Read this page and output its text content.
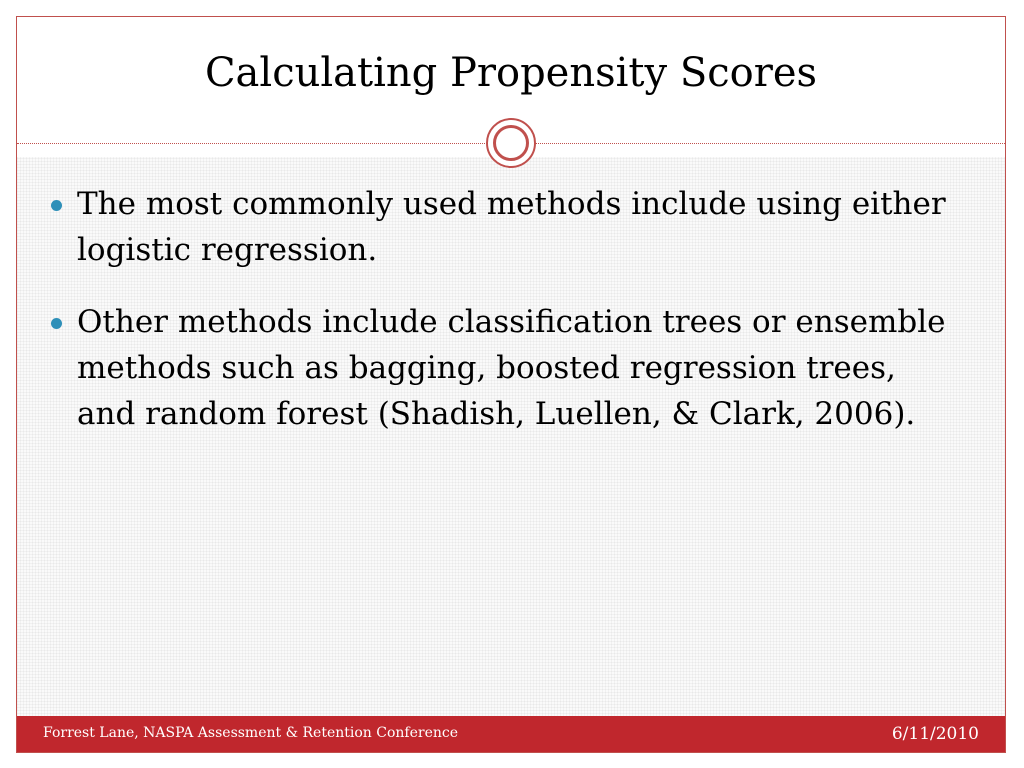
Calculating Propensity Scores
The most commonly used methods include using either logistic regression.
Other methods include classification trees or ensemble methods such as bagging, boosted regression trees, and random forest (Shadish, Luellen, & Clark, 2006).
Forrest Lane, NASPA Assessment & Retention Conference	6/11/2010
